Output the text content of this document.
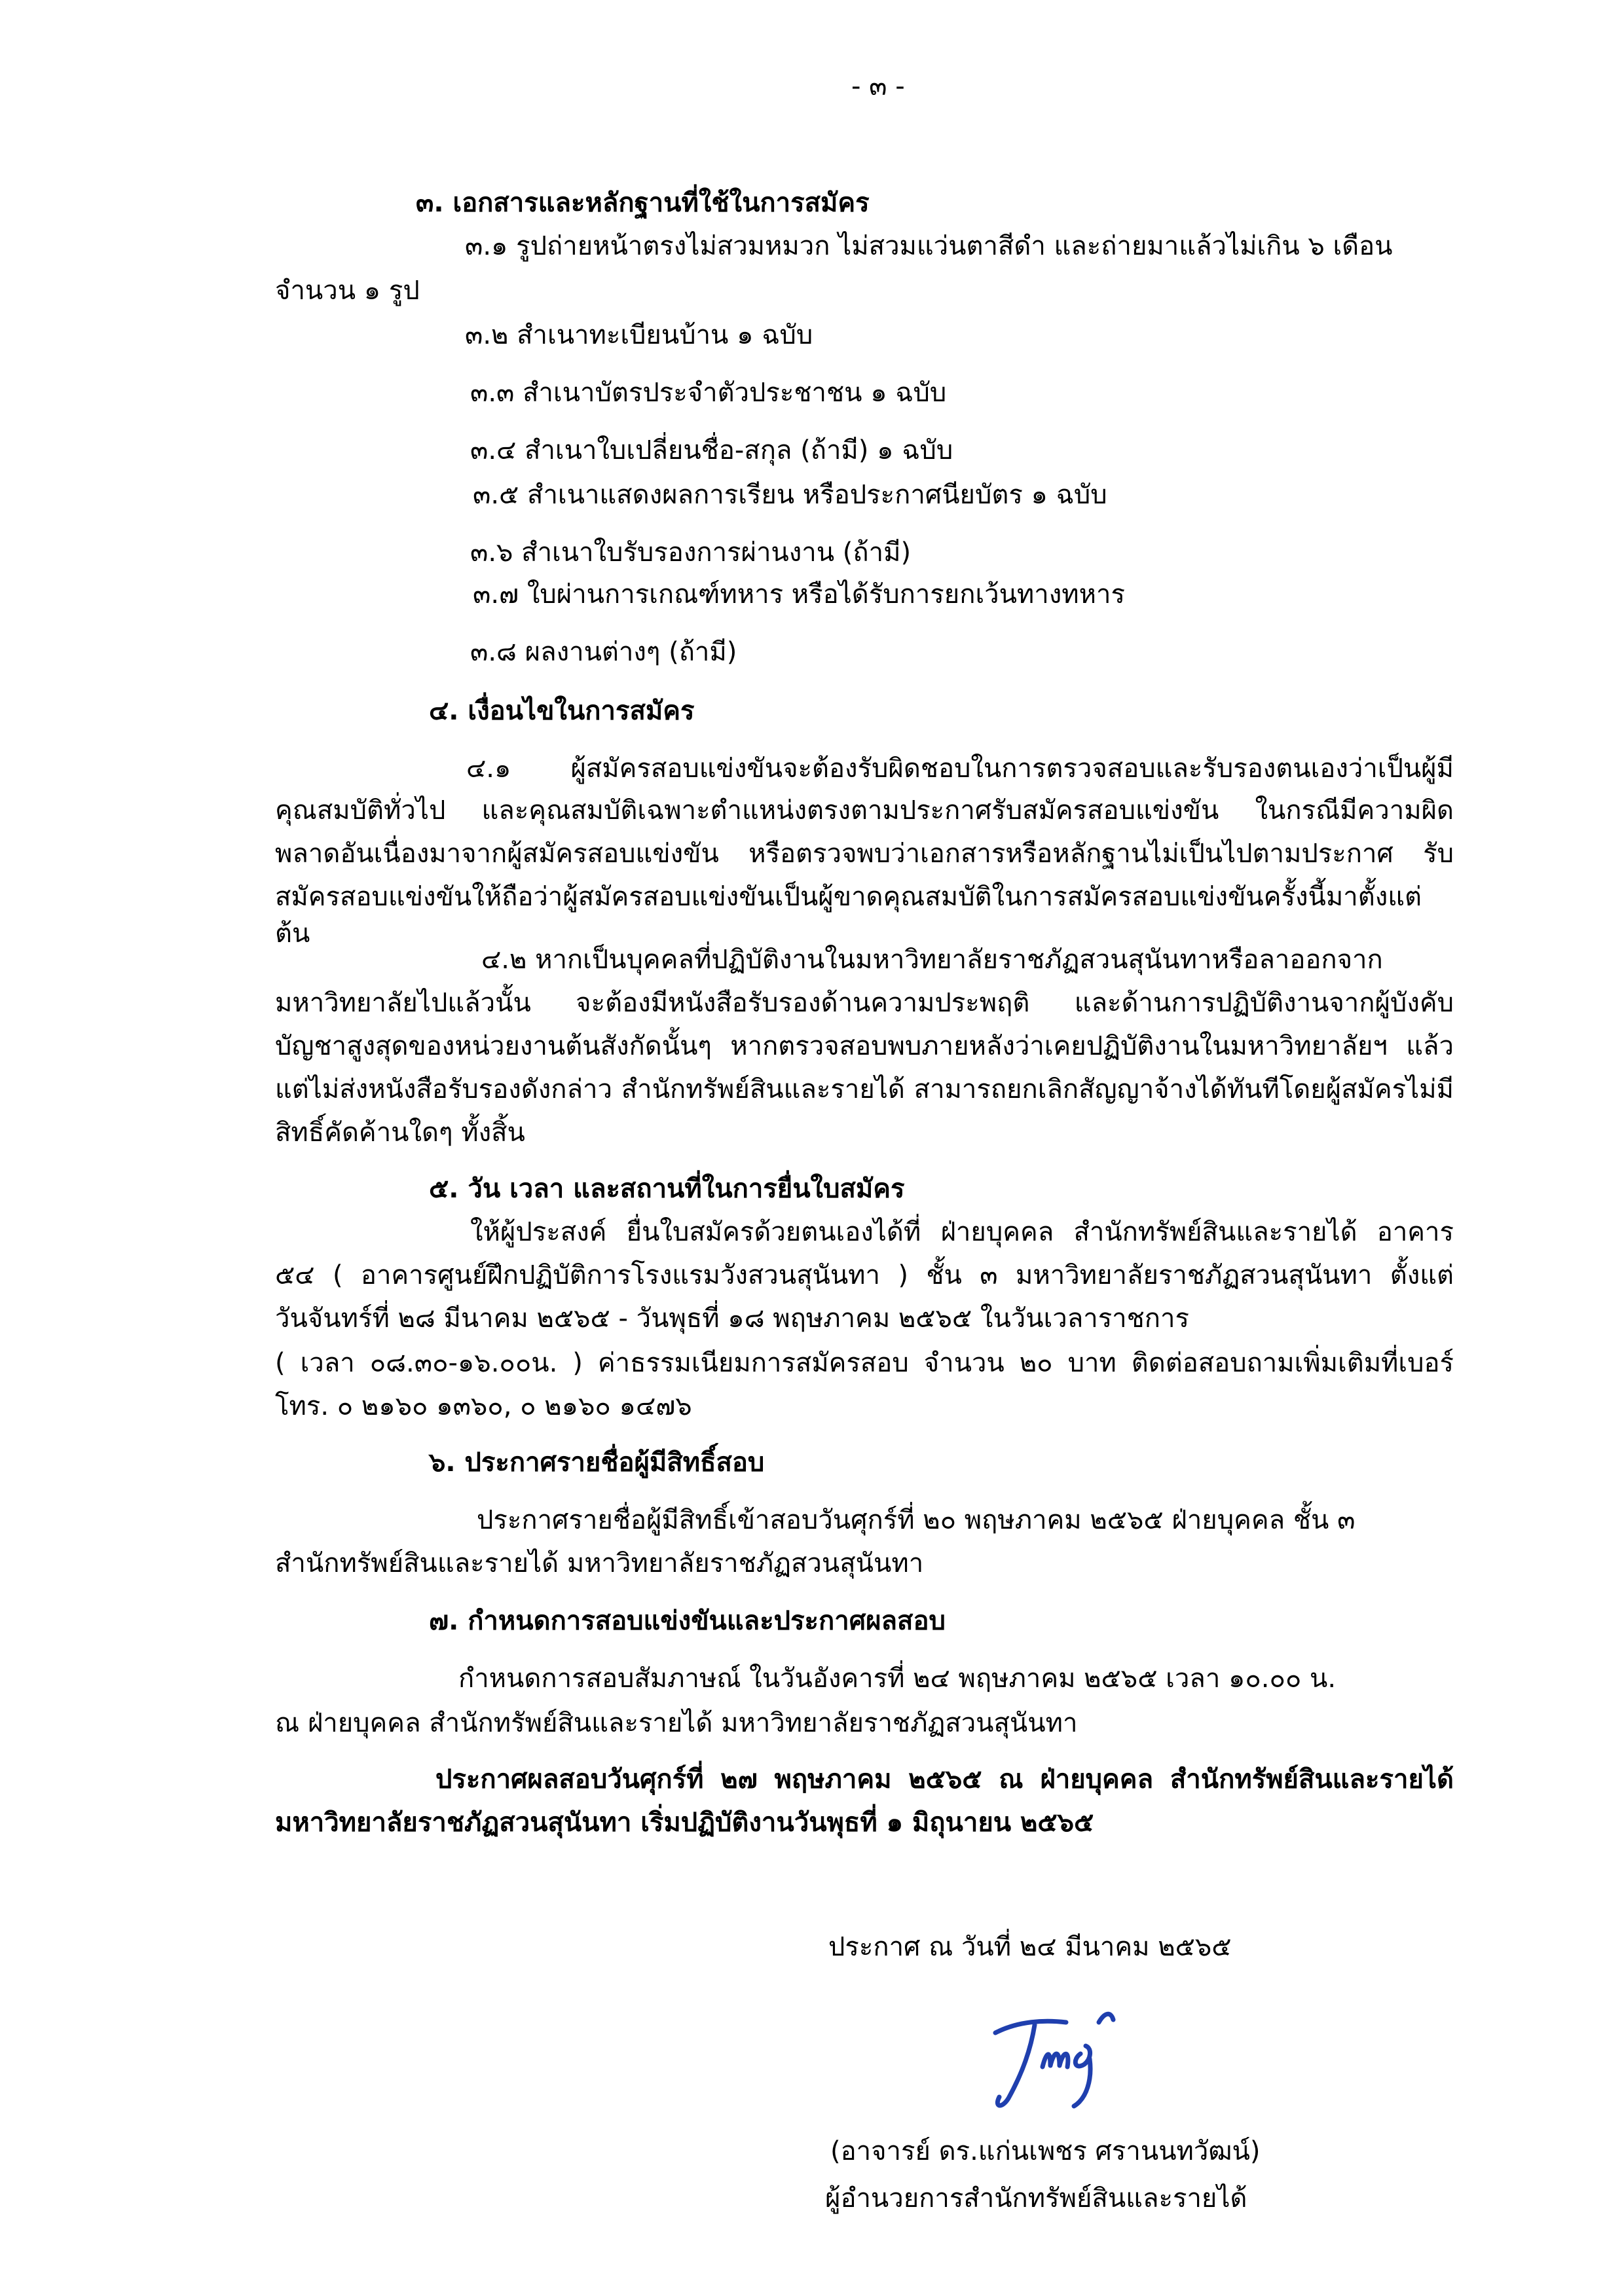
- ๓ -
๓. เอกสารและหลักฐานที่ใช้ในการสมัคร
๓.๑ รูปถ่ายหน้าตรงไม่สวมหมวก ไม่สวมแว่นตาสีดำ และถ่ายมาแล้วไม่เกิน ๖ เดือน
จำนวน ๑ รูป
๓.๒ สำเนาทะเบียนบ้าน ๑ ฉบับ
๓.๓ สำเนาบัตรประจำตัวประชาชน ๑ ฉบับ
๓.๔ สำเนาใบเปลี่ยนชื่อ-สกุล (ถ้ามี) ๑ ฉบับ
๓.๕ สำเนาแสดงผลการเรียน หรือประกาศนียบัตร ๑ ฉบับ
๓.๖ สำเนาใบรับรองการผ่านงาน (ถ้ามี)
๓.๗ ใบผ่านการเกณฑ์ทหาร หรือได้รับการยกเว้นทางทหาร
๓.๘ ผลงานต่างๆ (ถ้ามี)
๔. เงื่อนไขในการสมัคร
๔.๑ ผู้สมัครสอบแข่งขันจะต้องรับผิดชอบในการตรวจสอบและรับรองตนเองว่าเป็นผู้มี
คุณสมบัติทั่วไป และคุณสมบัติเฉพาะตำแหน่งตรงตามประกาศรับสมัครสอบแข่งขัน ในกรณีมีความผิด
พลาดอันเนื่องมาจากผู้สมัครสอบแข่งขัน หรือตรวจพบว่าเอกสารหรือหลักฐานไม่เป็นไปตามประกาศ รับ
สมัครสอบแข่งขันให้ถือว่าผู้สมัครสอบแข่งขันเป็นผู้ขาดคุณสมบัติในการสมัครสอบแข่งขันครั้งนี้มาตั้งแต่ต้น
๔.๒ หากเป็นบุคคลที่ปฏิบัติงานในมหาวิทยาลัยราชภัฏสวนสุนันทาหรือลาออกจาก
มหาวิทยาลัยไปแล้วนั้น จะต้องมีหนังสือรับรองด้านความประพฤติ และด้านการปฏิบัติงานจากผู้บังคับ
บัญชาสูงสุดของหน่วยงานต้นสังกัดนั้นๆ หากตรวจสอบพบภายหลังว่าเคยปฏิบัติงานในมหาวิทยาลัยฯ แล้ว
แต่ไม่ส่งหนังสือรับรองดังกล่าว สำนักทรัพย์สินและรายได้ สามารถยกเลิกสัญญาจ้างได้ทันทีโดยผู้สมัครไม่มี
สิทธิ์คัดค้านใดๆ ทั้งสิ้น
๕. วัน เวลา และสถานที่ในการยื่นใบสมัคร
ให้ผู้ประสงค์ ยื่นใบสมัครด้วยตนเองได้ที่ ฝ่ายบุคคล สำนักทรัพย์สินและรายได้ อาคาร
๕๔ ( อาคารศูนย์ฝึกปฏิบัติการโรงแรมวังสวนสุนันทา ) ชั้น ๓ มหาวิทยาลัยราชภัฏสวนสุนันทา ตั้งแต่
วันจันทร์ที่ ๒๘ มีนาคม ๒๕๖๕ - วันพุธที่ ๑๘ พฤษภาคม ๒๕๖๕ ในวันเวลาราชการ
( เวลา ๐๘.๓๐-๑๖.๐๐น. ) ค่าธรรมเนียมการสมัครสอบ จำนวน ๒๐ บาท ติดต่อสอบถามเพิ่มเติมที่เบอร์
โทร. ๐ ๒๑๖๐ ๑๓๖๐, ๐ ๒๑๖๐ ๑๔๗๖
๖. ประกาศรายชื่อผู้มีสิทธิ์สอบ
ประกาศรายชื่อผู้มีสิทธิ์เข้าสอบวันศุกร์ที่ ๒๐ พฤษภาคม ๒๕๖๕ ฝ่ายบุคคล ชั้น ๓
สำนักทรัพย์สินและรายได้ มหาวิทยาลัยราชภัฏสวนสุนันทา
๗. กำหนดการสอบแข่งขันและประกาศผลสอบ
กำหนดการสอบสัมภาษณ์ ในวันอังคารที่ ๒๔ พฤษภาคม ๒๕๖๕ เวลา ๑๐.๐๐ น.
ณ ฝ่ายบุคคล สำนักทรัพย์สินและรายได้ มหาวิทยาลัยราชภัฏสวนสุนันทา
ประกาศผลสอบวันศุกร์ที่ ๒๗ พฤษภาคม ๒๕๖๕ ณ ฝ่ายบุคคล สำนักทรัพย์สินและรายได้
มหาวิทยาลัยราชภัฏสวนสุนันทา เริ่มปฏิบัติงานวันพุธที่ ๑ มิถุนายน ๒๕๖๕
ประกาศ ณ วันที่ ๒๔ มีนาคม ๒๕๖๕
(อาจารย์ ดร.แก่นเพชร ศรานนทวัฒน์)
ผู้อำนวยการสำนักทรัพย์สินและรายได้
